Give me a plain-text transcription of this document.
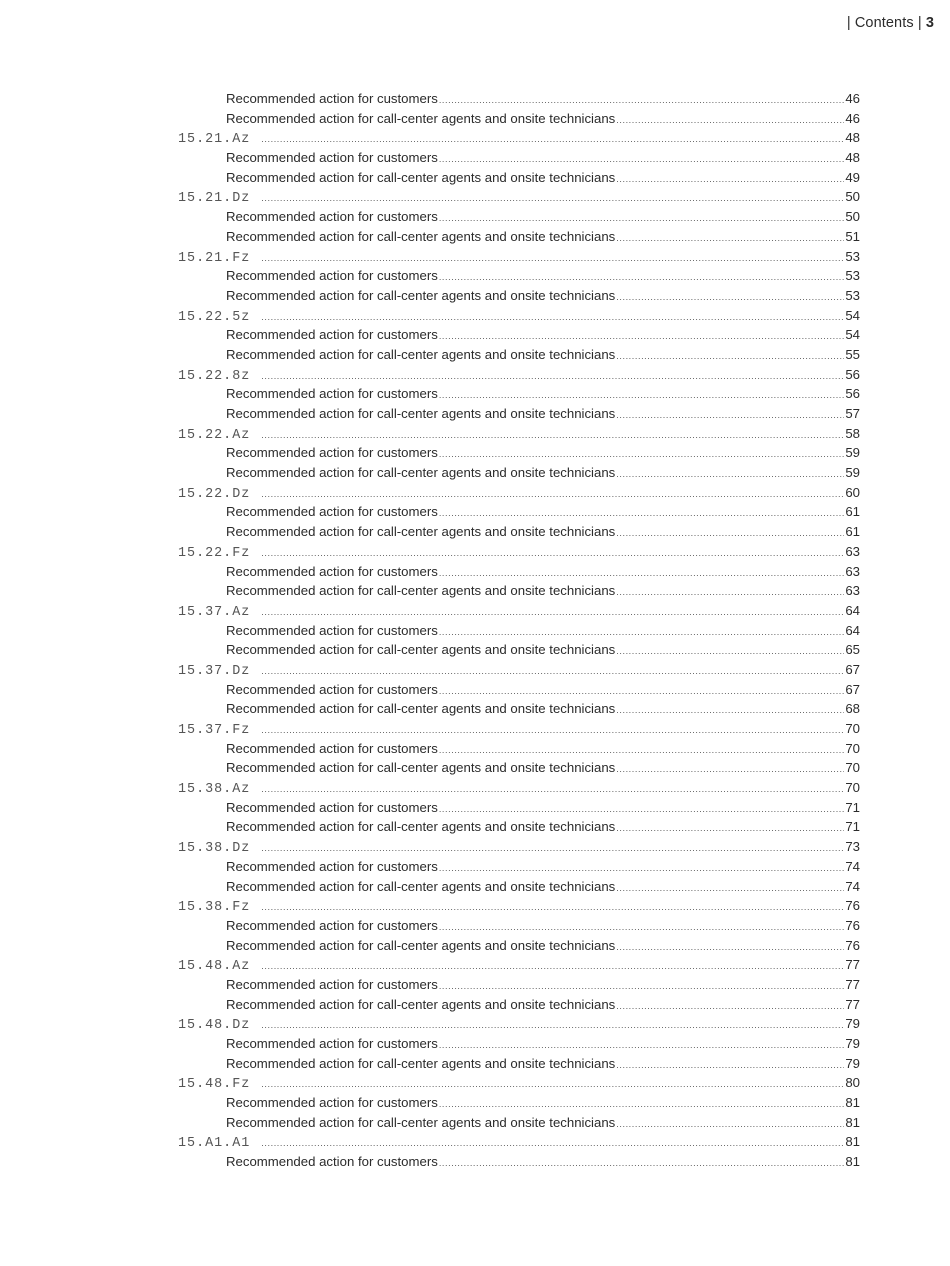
| Contents | 3
Recommended action for customers .....	46
Recommended action for call-center agents and onsite technicians .....	46
15.21.Az .....	48
Recommended action for customers .....	48
Recommended action for call-center agents and onsite technicians .....	49
15.21.Dz .....	50
Recommended action for customers .....	50
Recommended action for call-center agents and onsite technicians .....	51
15.21.Fz .....	53
Recommended action for customers .....	53
Recommended action for call-center agents and onsite technicians .....	53
15.22.5z .....	54
Recommended action for customers .....	54
Recommended action for call-center agents and onsite technicians .....	55
15.22.8z .....	56
Recommended action for customers .....	56
Recommended action for call-center agents and onsite technicians .....	57
15.22.Az .....	58
Recommended action for customers .....	59
Recommended action for call-center agents and onsite technicians .....	59
15.22.Dz .....	60
Recommended action for customers .....	61
Recommended action for call-center agents and onsite technicians .....	61
15.22.Fz .....	63
Recommended action for customers .....	63
Recommended action for call-center agents and onsite technicians .....	63
15.37.Az .....	64
Recommended action for customers .....	64
Recommended action for call-center agents and onsite technicians .....	65
15.37.Dz .....	67
Recommended action for customers .....	67
Recommended action for call-center agents and onsite technicians .....	68
15.37.Fz .....	70
Recommended action for customers .....	70
Recommended action for call-center agents and onsite technicians .....	70
15.38.Az .....	70
Recommended action for customers .....	71
Recommended action for call-center agents and onsite technicians .....	71
15.38.Dz .....	73
Recommended action for customers .....	74
Recommended action for call-center agents and onsite technicians .....	74
15.38.Fz .....	76
Recommended action for customers .....	76
Recommended action for call-center agents and onsite technicians .....	76
15.48.Az .....	77
Recommended action for customers .....	77
Recommended action for call-center agents and onsite technicians .....	77
15.48.Dz .....	79
Recommended action for customers .....	79
Recommended action for call-center agents and onsite technicians .....	79
15.48.Fz .....	80
Recommended action for customers .....	81
Recommended action for call-center agents and onsite technicians .....	81
15.A1.A1 .....	81
Recommended action for customers .....	81
